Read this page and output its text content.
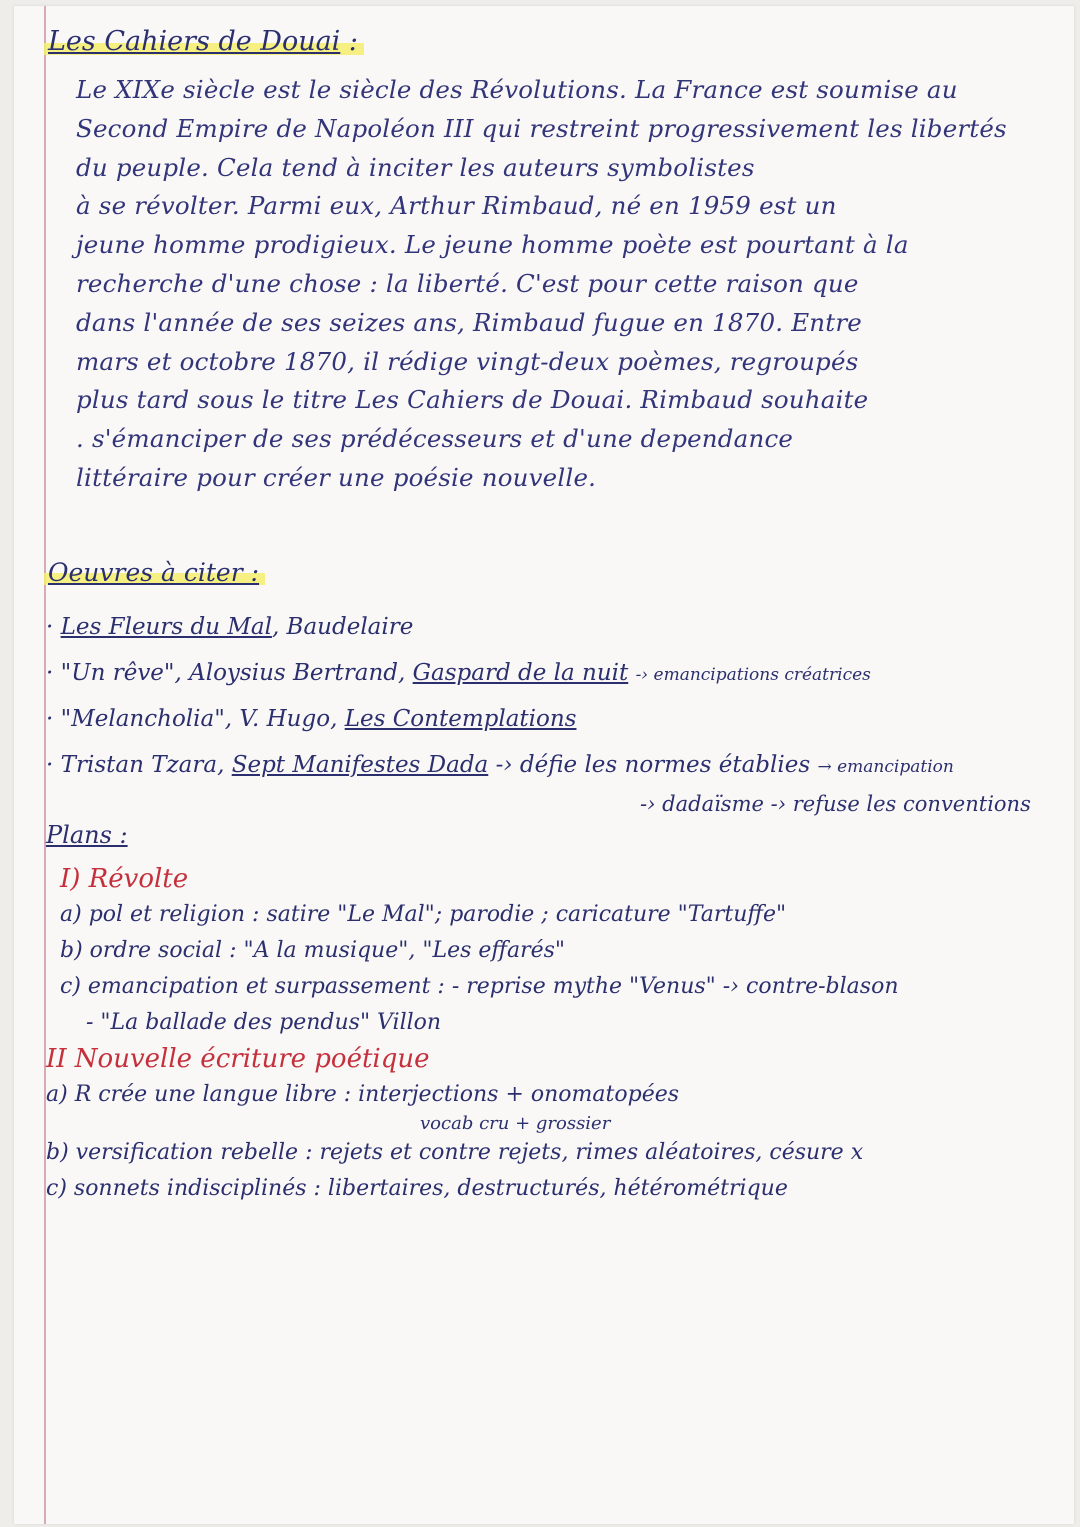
Les Cahiers de Douai :
Le XIXe siècle est le siècle des Révolutions. La France est soumise au
Second Empire de Napoléon III qui restreint progressivement les libertés
du peuple. Cela tend à inciter les auteurs symbolistes
à se révolter. Parmi eux, Arthur Rimbaud, né en 1959 est un
jeune homme prodigieux. Le jeune homme poète est pourtant à la
recherche d'une chose : la liberté. C'est pour cette raison que
dans l'année de ses seizes ans, Rimbaud fugue en 1870. Entre
mars et octobre 1870, il rédige vingt-deux poèmes, regroupés
plus tard sous le titre Les Cahiers de Douai. Rimbaud souhaite
. s'émanciper de ses prédécesseurs et d'une dependance
littéraire pour créer une poésie nouvelle.
Oeuvres à citer :
· Les Fleurs du Mal, Baudelaire
· "Un rêve", Aloysius Bertrand, Gaspard de la nuit -› emancipations créatrices
· "Melancholia", V. Hugo, Les Contemplations
· Tristan Tzara, Sept Manifestes Dada -› défie les normes établies → emancipation
-› dadaïsme -› refuse les conventions
Plans :
I) Révolte
a) pol et religion : satire "Le Mal"; parodie ; caricature "Tartuffe"
b) ordre social : "A la musique", "Les effarés"
c) emancipation et surpassement : - reprise mythe "Venus" -› contre-blason
- "La ballade des pendus" Villon
II Nouvelle écriture poétique
a) R crée une langue libre : interjections + onomatopées
vocab cru + grossier
b) versification rebelle : rejets et contre rejets, rimes aléatoires, césure x
c) sonnets indisciplinés : libertaires, destructurés, hétérométrique
